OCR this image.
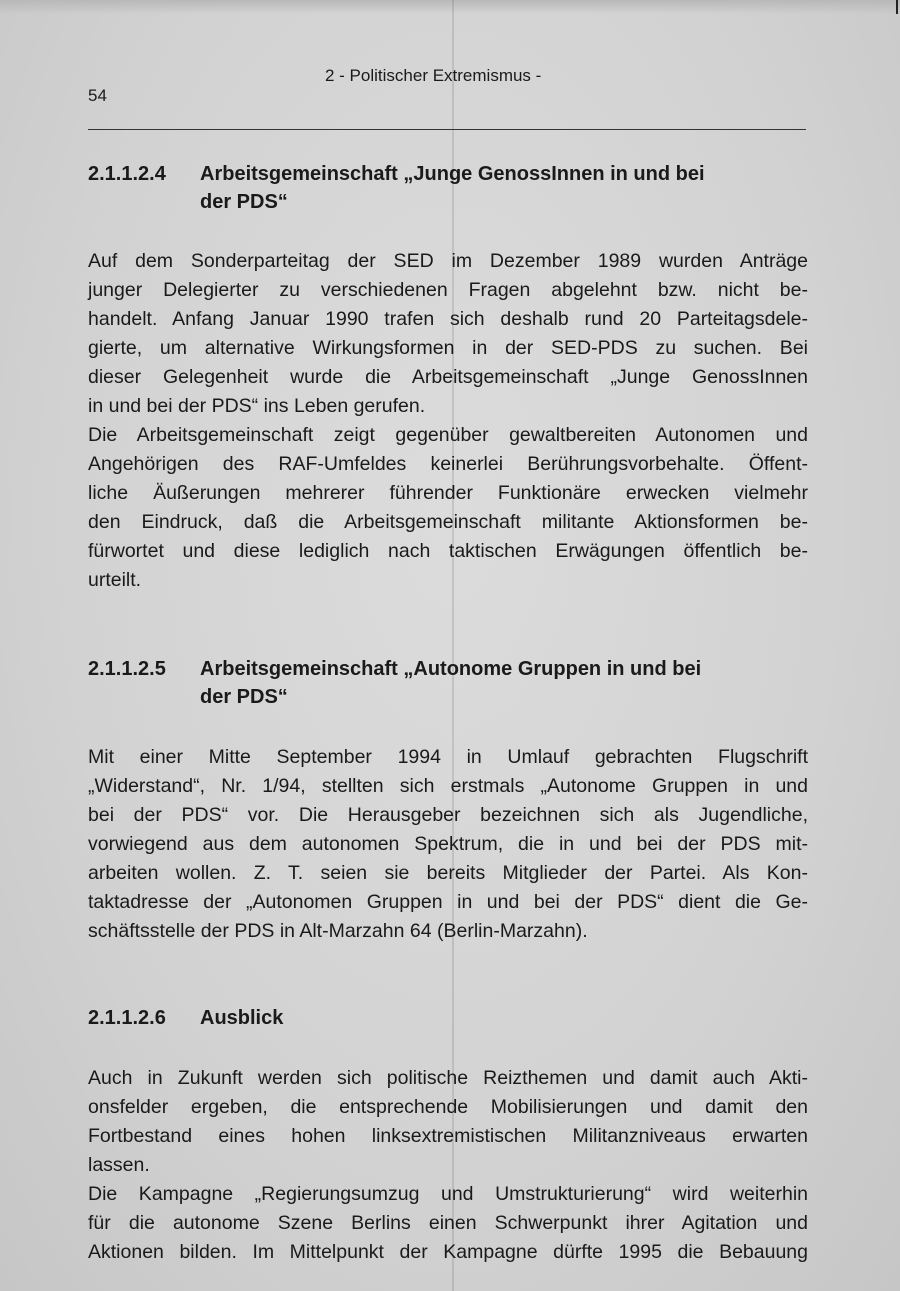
54
2 - Politischer Extremismus -
2.1.1.2.4	Arbeitsgemeinschaft „Junge GenossInnen in und bei
der PDS“
Auf dem Sonderparteitag der SED im Dezember 1989 wurden Anträge
junger Delegierter zu verschiedenen Fragen abgelehnt bzw. nicht be-
handelt. Anfang Januar 1990 trafen sich deshalb rund 20 Parteitagsdele-
gierte, um alternative Wirkungsformen in der SED-PDS zu suchen. Bei
dieser Gelegenheit wurde die Arbeitsgemeinschaft „Junge GenossInnen
in und bei der PDS“ ins Leben gerufen.
Die Arbeitsgemeinschaft zeigt gegenüber gewaltbereiten Autonomen und
Angehörigen des RAF-Umfeldes keinerlei Berührungsvorbehalte. Öffent-
liche Äußerungen mehrerer führender Funktionäre erwecken vielmehr
den Eindruck, daß die Arbeitsgemeinschaft militante Aktionsformen be-
fürwortet und diese lediglich nach taktischen Erwägungen öffentlich be-
urteilt.
2.1.1.2.5	Arbeitsgemeinschaft „Autonome Gruppen in und bei
der PDS“
Mit einer Mitte September 1994 in Umlauf gebrachten Flugschrift
„Widerstand“, Nr. 1/94, stellten sich erstmals „Autonome Gruppen in und
bei der PDS“ vor. Die Herausgeber bezeichnen sich als Jugendliche,
vorwiegend aus dem autonomen Spektrum, die in und bei der PDS mit-
arbeiten wollen. Z. T. seien sie bereits Mitglieder der Partei. Als Kon-
taktadresse der „Autonomen Gruppen in und bei der PDS“ dient die Ge-
schäftsstelle der PDS in Alt-Marzahn 64 (Berlin-Marzahn).
2.1.1.2.6	Ausblick
Auch in Zukunft werden sich politische Reizthemen und damit auch Akti-
onsfelder ergeben, die entsprechende Mobilisierungen und damit den
Fortbestand eines hohen linksextremistischen Militanzniveaus erwarten
lassen.
Die Kampagne „Regierungsumzug und Umstrukturierung“ wird weiterhin
für die autonome Szene Berlins einen Schwerpunkt ihrer Agitation und
Aktionen bilden. Im Mittelpunkt der Kampagne dürfte 1995 die Bebauung
